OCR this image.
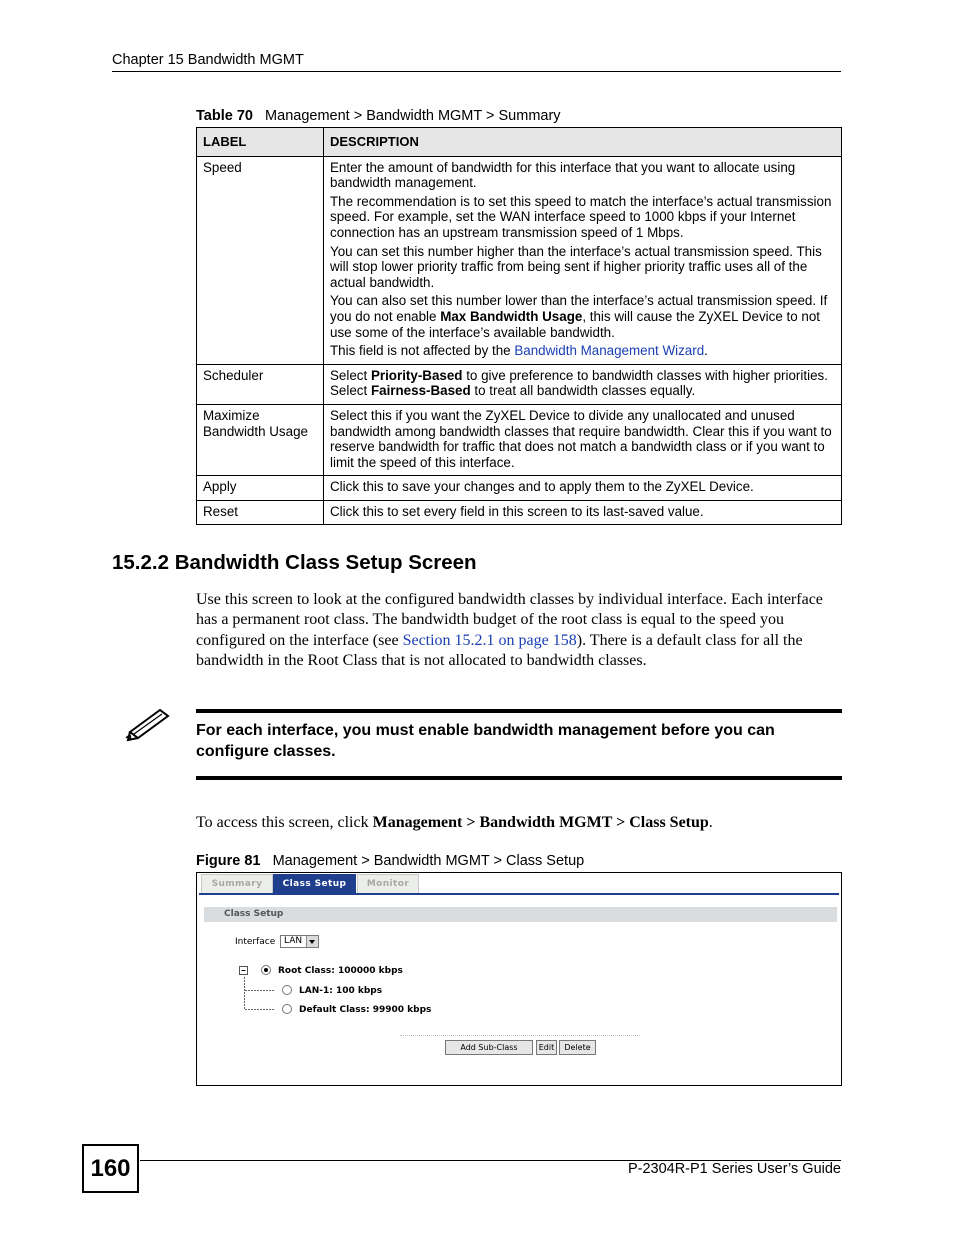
Chapter 15 Bandwidth MGMT
Table 70 Management > Bandwidth MGMT > Summary
LABEL	DESCRIPTION
Speed	Enter the amount of bandwidth for this interface that you want to allocate using bandwidth management.

The recommendation is to set this speed to match the interface’s actual transmission speed. For example, set the WAN interface speed to 1000 kbps if your Internet connection has an upstream transmission speed of 1 Mbps.

You can set this number higher than the interface’s actual transmission speed. This will stop lower priority traffic from being sent if higher priority traffic uses all of the actual bandwidth.

You can also set this number lower than the interface’s actual transmission speed. If you do not enable Max Bandwidth Usage, this will cause the ZyXEL Device to not use some of the interface’s available bandwidth.

This field is not affected by the Bandwidth Management Wizard.

Scheduler	Select Priority-Based to give preference to bandwidth classes with higher priorities. Select Fairness-Based to treat all bandwidth classes equally.
Maximize Bandwidth Usage	Select this if you want the ZyXEL Device to divide any unallocated and unused bandwidth among bandwidth classes that require bandwidth. Clear this if you want to reserve bandwidth for traffic that does not match a bandwidth class or if you want to limit the speed of this interface.
Apply	Click this to save your changes and to apply them to the ZyXEL Device.
Reset	Click this to set every field in this screen to its last-saved value.
15.2.2 Bandwidth Class Setup Screen
Use this screen to look at the configured bandwidth classes by individual interface. Each interface has a permanent root class. The bandwidth budget of the root class is equal to the speed you configured on the interface (see Section 15.2.1 on page 158). There is a default class for all the bandwidth in the Root Class that is not allocated to bandwidth classes.
For each interface, you must enable bandwidth management before you can configure classes.
To access this screen, click Management > Bandwidth MGMT > Class Setup.
Figure 81 Management > Bandwidth MGMT > Class Setup
Summary	Class Setup	Monitor
Class Setup
Interface LAN
Root Class: 100000 kbps
LAN-1: 100 kbps
Default Class: 99900 kbps
Add Sub-Class	Edit	Delete
160	P-2304R-P1 Series User’s Guide
